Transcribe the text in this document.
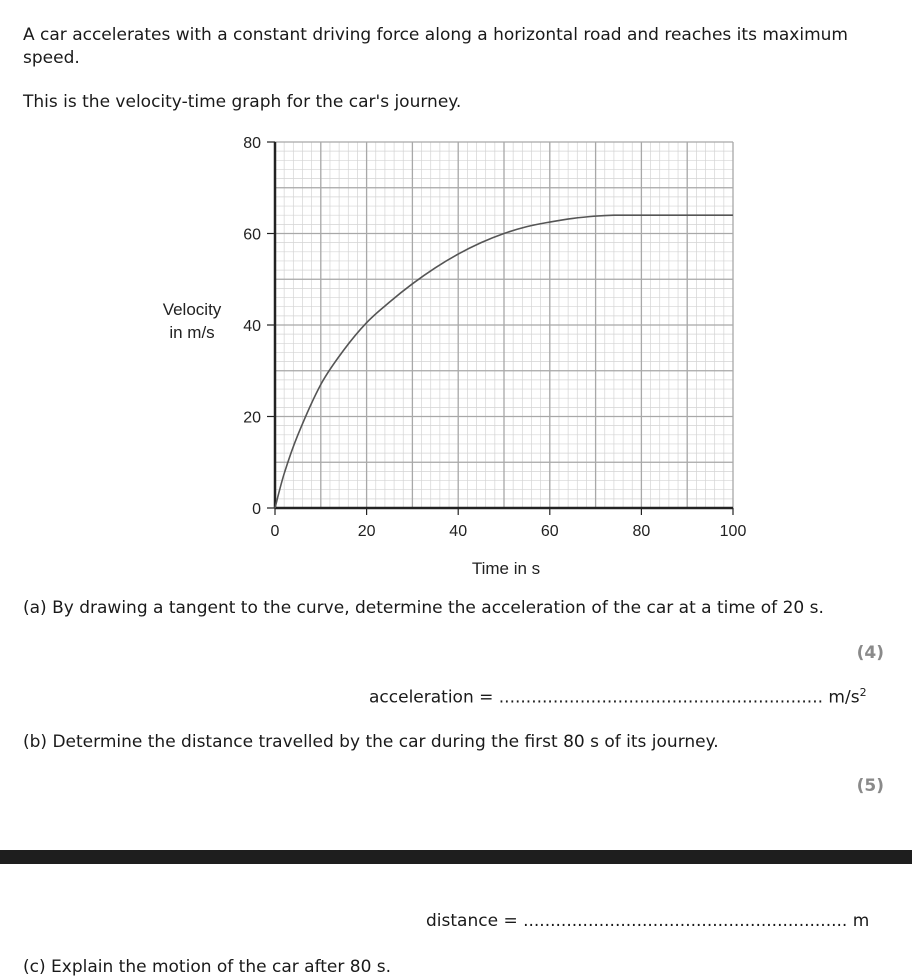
A car accelerates with a constant driving force along a horizontal road and reaches its maximum speed.
This is the velocity-time graph for the car's journey.
0
20
40
60
80
0	20	40	60	80	100
Velocity
in m/s
Time in s
(a) By drawing a tangent to the curve, determine the acceleration of the car at a time of 20 s.
(4)
acceleration = ............................................................ $m/s^2$
(b) Determine the distance travelled by the car during the first 80 s of its journey.
(5)
distance = ............................................................ m
(c) Explain the motion of the car after 80 s.
